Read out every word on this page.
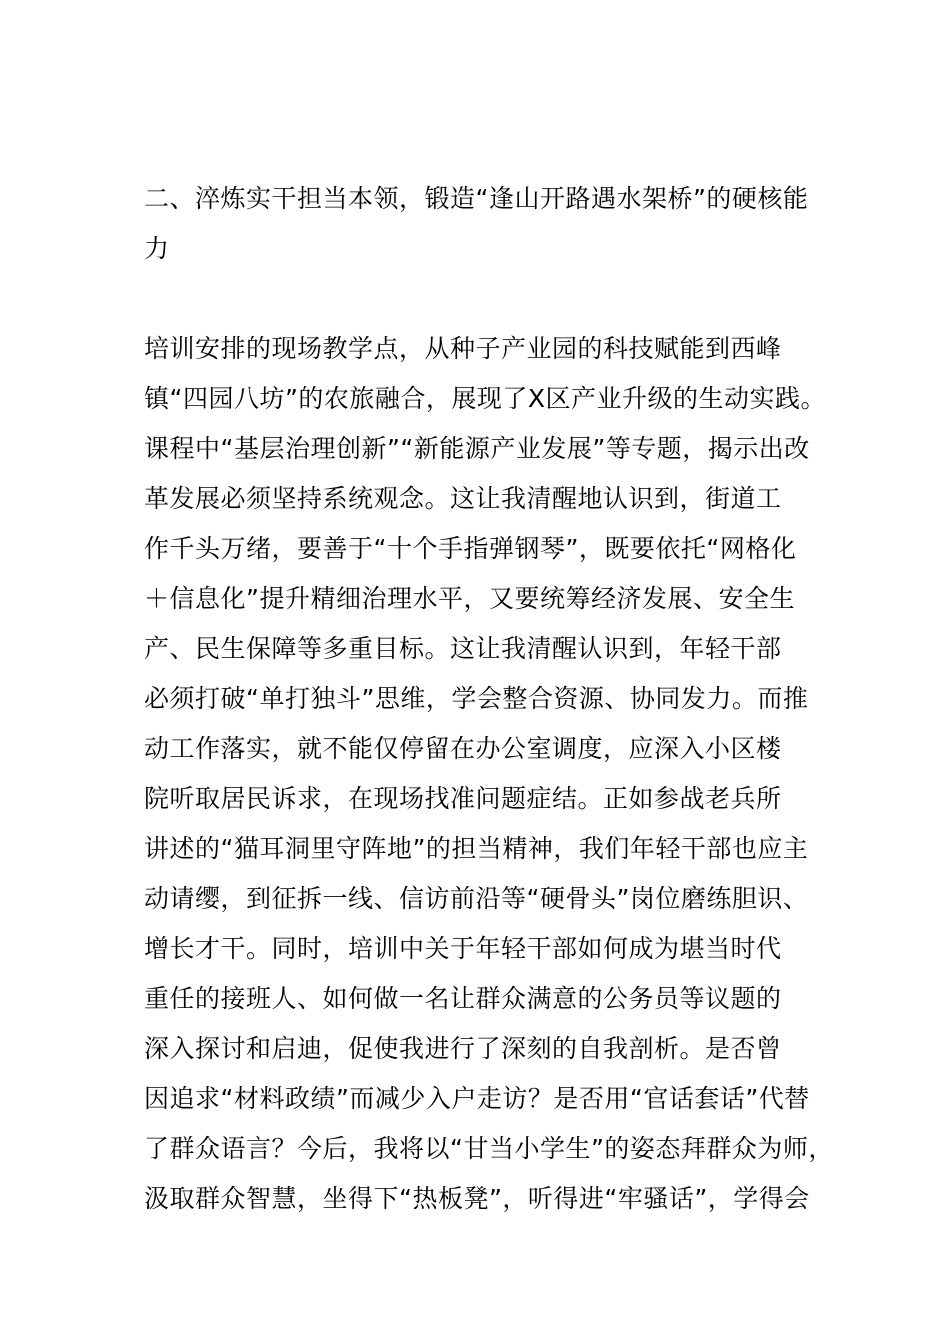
二、淬炼实干担当本领，锻造“逢山开路遇水架桥”的硬核能
力
培训安排的现场教学点，从种子产业园的科技赋能到西峰
镇“四园八坊”的农旅融合，展现了X区产业升级的生动实践。
课程中“基层治理创新”“新能源产业发展”等专题，揭示出改
革发展必须坚持系统观念。这让我清醒地认识到，街道工
作千头万绪，要善于“十个手指弹钢琴”，既要依托“网格化
＋信息化”提升精细治理水平，又要统筹经济发展、安全生
产、民生保障等多重目标。这让我清醒认识到，年轻干部
必须打破“单打独斗”思维，学会整合资源、协同发力。而推
动工作落实，就不能仅停留在办公室调度，应深入小区楼
院听取居民诉求，在现场找准问题症结。正如参战老兵所
讲述的“猫耳洞里守阵地”的担当精神，我们年轻干部也应主
动请缨，到征拆一线、信访前沿等“硬骨头”岗位磨练胆识、
增长才干。同时，培训中关于年轻干部如何成为堪当时代
重任的接班人、如何做一名让群众满意的公务员等议题的
深入探讨和启迪，促使我进行了深刻的自我剖析。是否曾
因追求“材料政绩”而减少入户走访？是否用“官话套话”代替
了群众语言？今后，我将以“甘当小学生”的姿态拜群众为师，
汲取群众智慧，坐得下“热板凳”，听得进“牢骚话”，学得会
